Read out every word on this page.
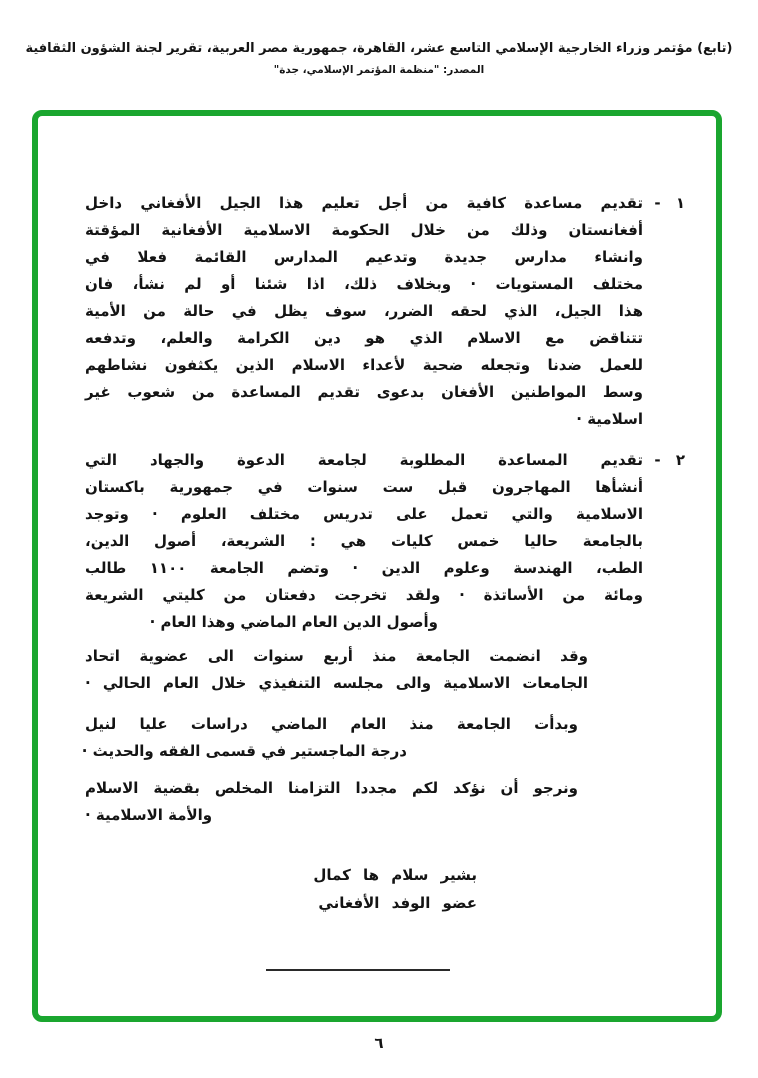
(تابع) مؤتمر وزراء الخارجية الإسلامي التاسع عشر، القاهرة، جمهورية مصر العربية، تقرير لجنة الشؤون الثقافية
المصدر: "منظمة المؤتمر الإسلامي، جدة"
١ -
تقديم مساعدة كافية من أجل تعليم هذا الجيل الأفغاني داخل
أفغانستان وذلك من خلال الحكومة الاسلامية الأفغانية المؤقتة
وانشاء مدارس جديدة وتدعيم المدارس القائمة فعلا في
مختلف المستويات · وبخلاف ذلك، اذا شئنا أو لم نشأ، فان
هذا الجيل، الذي لحقه الضرر، سوف يظل في حالة من الأمية
تتناقض مع الاسلام الذي هو دين الكرامة والعلم، وتدفعه
للعمل ضدنا وتجعله ضحية لأعداء الاسلام الذين يكثفون نشاطهم
وسط المواطنين الأفغان بدعوى تقديم المساعدة من شعوب غير
اسلامية ·
٢ -
تقديم المساعدة المطلوبة لجامعة الدعوة والجهاد التي
أنشأها المهاجرون قبل ست سنوات في جمهورية باكستان
الاسلامية والتي تعمل على تدريس مختلف العلوم · وتوجد
بالجامعة حاليا خمس كليات هي : الشريعة، أصول الدين،
الطب، الهندسة وعلوم الدين · وتضم الجامعة ١١٠٠ طالب
ومائة من الأساتذة · ولقد تخرجت دفعتان من كليتي الشريعة
وأصول الدين العام الماضي وهذا العام ·
وقد انضمت الجامعة منذ أربع سنوات الى عضوية اتحاد
الجامعات الاسلامية والى مجلسه التنفيذي خلال العام الحالي ·
وبدأت الجامعة منذ العام الماضي دراسات عليا لنيل
درجة الماجستير في قسمى الفقه والحديث ·
ونرجو أن نؤكد لكم مجددا التزامنا المخلص بقضية الاسلام
والأمة الاسلامية ·
بشير سلام ها كمال
عضو الوفد الأفغاني
٦
